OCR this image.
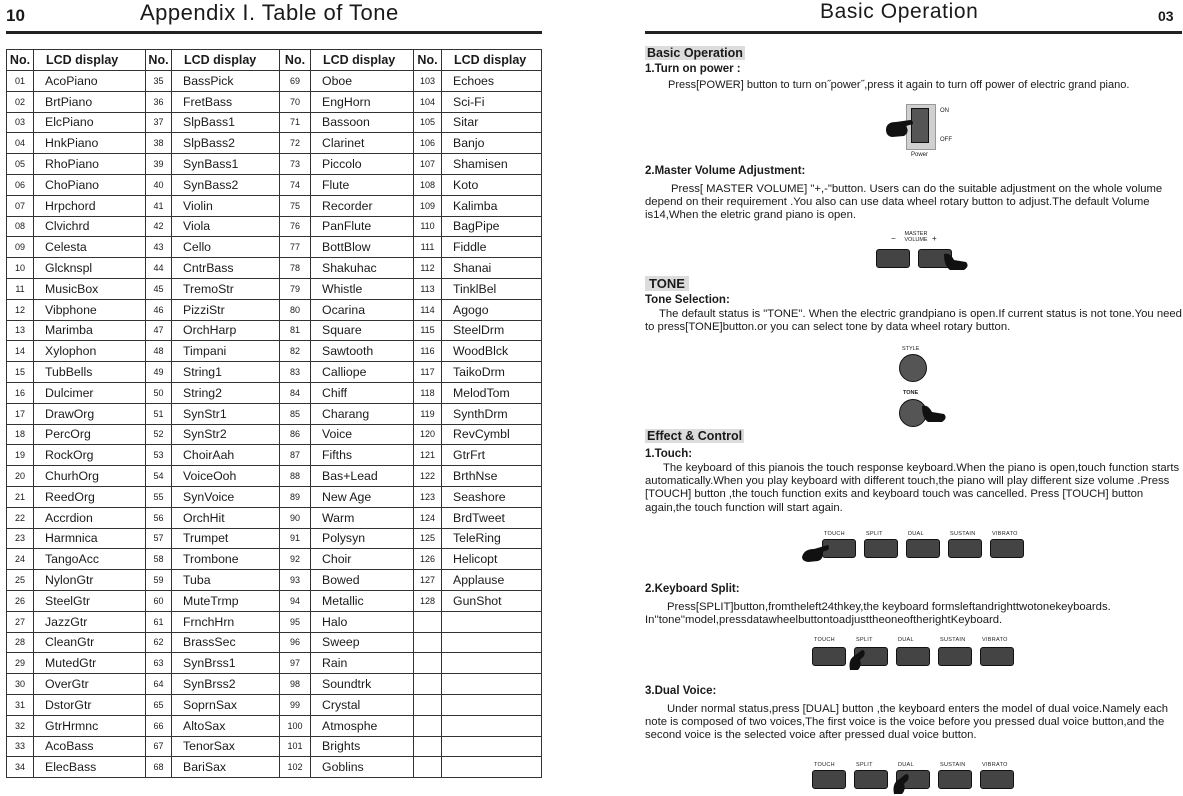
10	Appendix I. Table of Tone
No.	LCD display	No.	LCD display	No.	LCD display	No.	LCD display
01	AcoPiano	35	BassPick	69	Oboe	103	Echoes
02	BrtPiano	36	FretBass	70	EngHorn	104	Sci-Fi
03	ElcPiano	37	SlpBass1	71	Bassoon	105	Sitar
04	HnkPiano	38	SlpBass2	72	Clarinet	106	Banjo
05	RhoPiano	39	SynBass1	73	Piccolo	107	Shamisen
06	ChoPiano	40	SynBass2	74	Flute	108	Koto
07	Hrpchord	41	Violin	75	Recorder	109	Kalimba
08	Clvichrd	42	Viola	76	PanFlute	110	BagPipe
09	Celesta	43	Cello	77	BottBlow	111	Fiddle
10	Glcknspl	44	CntrBass	78	Shakuhac	112	Shanai
11	MusicBox	45	TremoStr	79	Whistle	113	TinklBel
12	Vibphone	46	PizziStr	80	Ocarina	114	Agogo
13	Marimba	47	OrchHarp	81	Square	115	SteelDrm
14	Xylophon	48	Timpani	82	Sawtooth	116	WoodBlck
15	TubBells	49	String1	83	Calliope	117	TaikoDrm
16	Dulcimer	50	String2	84	Chiff	118	MelodTom
17	DrawOrg	51	SynStr1	85	Charang	119	SynthDrm
18	PercOrg	52	SynStr2	86	Voice	120	RevCymbl
19	RockOrg	53	ChoirAah	87	Fifths	121	GtrFrt
20	ChurhOrg	54	VoiceOoh	88	Bas+Lead	122	BrthNse
21	ReedOrg	55	SynVoice	89	New Age	123	Seashore
22	Accrdion	56	OrchHit	90	Warm	124	BrdTweet
23	Harmnica	57	Trumpet	91	Polysyn	125	TeleRing
24	TangoAcc	58	Trombone	92	Choir	126	Helicopt
25	NylonGtr	59	Tuba	93	Bowed	127	Applause
26	SteelGtr	60	MuteTrmp	94	Metallic	128	GunShot
27	JazzGtr	61	FrnchHrn	95	Halo		
28	CleanGtr	62	BrassSec	96	Sweep		
29	MutedGtr	63	SynBrss1	97	Rain		
30	OverGtr	64	SynBrss2	98	Soundtrk		
31	DstorGtr	65	SoprnSax	99	Crystal		
32	GtrHrmnc	66	AltoSax	100	Atmosphe		
33	AcoBass	67	TenorSax	101	Brights		
34	ElecBass	68	BariSax	102	Goblins		
Basic Operation	03
Basic Operation
1.Turn on power :
Press[POWER] button to turn on˝power˝,press it again to turn off power of electric grand piano.
ON
OFF
Power
2.Master Volume Adjustment:
Press[ MASTER VOLUME] "+,-"button. Users can do the suitable adjustment on the whole volume depend on their requirement .You also can use data wheel rotary button to adjust.The default Volume is14,When the eletric grand piano is open.
MASTER
VOLUME
−	+
TONE
Tone Selection:
The default status is "TONE". When the electric grandpiano is open.If current status is not tone.You need to press[TONE]button.or you can select tone by data wheel rotary button.
STYLE
TONE
Effect & Control
1.Touch:
The keyboard of this pianois the touch response keyboard.When the piano is open,touch function starts automatically.When you play keyboard with different touch,the piano will play different size volume .Press [TOUCH] button ,the touch function exits and keyboard touch was cancelled. Press [TOUCH] button again,the touch function will start again.
TOUCH	SPLIT	DUAL	SUSTAIN	VIBRATO
2.Keyboard Split:
Press[SPLIT]button,fromtheleft24thkey,the keyboard formsleftandrighttwotonekeyboards. In''tone''model,pressdatawheelbuttontoadjusttheoneoftherightKeyboard.
TOUCH	SPLIT	DUAL	SUSTAIN	VIBRATO
3.Dual Voice:
Under normal status,press [DUAL] button ,the keyboard enters the model of dual voice.Namely each note is composed of two voices,The first voice is the voice before you pressed dual voice button,and the second voice is the selected voice after pressed dual voice button.
TOUCH	SPLIT	DUAL	SUSTAIN	VIBRATO
